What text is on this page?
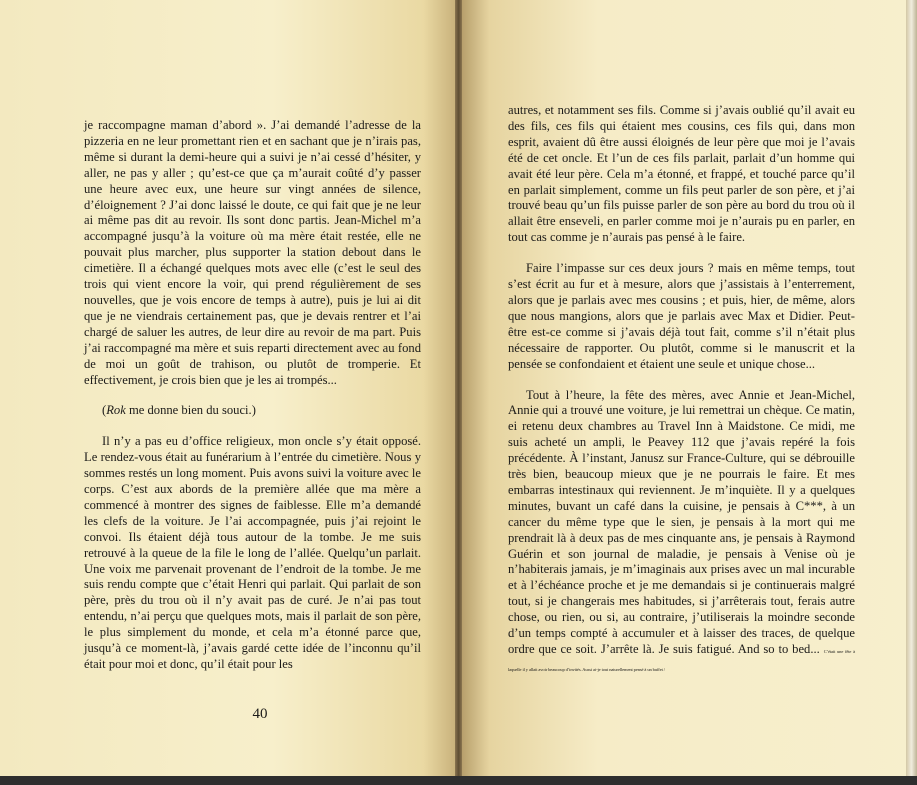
je raccompagne maman d’abord ». J’ai demandé l’adresse de la pizzeria en ne leur promettant rien et en sachant que je n’irais pas, même si durant la demi-heure qui a suivi je n’ai cessé d’hésiter, y aller, ne pas y aller ; qu’est-ce que ça m’aurait coûté d’y passer une heure avec eux, une heure sur vingt années de silence, d’éloignement ? J’ai donc laissé le doute, ce qui fait que je ne leur ai même pas dit au revoir. Ils sont donc partis. Jean-Michel m’a accompagné jusqu’à la voiture où ma mère était restée, elle ne pouvait plus marcher, plus supporter la station debout dans le cimetière. Il a échangé quelques mots avec elle (c’est le seul des trois qui vient encore la voir, qui prend régulièrement de ses nouvelles, que je vois encore de temps à autre), puis je lui ai dit que je ne viendrais certainement pas, que je devais rentrer et l’ai chargé de saluer les autres, de leur dire au revoir de ma part. Puis j’ai raccompagné ma mère et suis reparti directement avec au fond de moi un goût de trahison, ou plutôt de tromperie. Et effectivement, je crois bien que je les ai trompés...

(Rok me donne bien du souci.)

Il n’y a pas eu d’office religieux, mon oncle s’y était opposé. Le rendez-vous était au funérarium à l’entrée du cimetière. Nous y sommes restés un long moment. Puis avons suivi la voiture avec le corps. C’est aux abords de la première allée que ma mère a commencé à montrer des signes de faiblesse. Elle m’a demandé les clefs de la voiture. Je l’ai accompagnée, puis j’ai rejoint le convoi. Ils étaient déjà tous autour de la tombe. Je me suis retrouvé à la queue de la file le long de l’allée. Quelqu’un parlait. Une voix me parvenait provenant de l’endroit de la tombe. Je me suis rendu compte que c’était Henri qui parlait. Qui parlait de son père, près du trou où il n’y avait pas de curé. Je n’ai pas tout entendu, n’ai perçu que quelques mots, mais il parlait de son père, le plus simplement du monde, et cela m’a étonné parce que, jusqu’à ce moment-là, j’avais gardé cette idée de l’inconnu qu’il était pour moi et donc, qu’il était pour les

40

autres, et notamment ses fils. Comme si j’avais oublié qu’il avait eu des fils, ces fils qui étaient mes cousins, ces fils qui, dans mon esprit, avaient dû être aussi éloignés de leur père que moi je l’avais été de cet oncle. Et l’un de ces fils parlait, parlait d’un homme qui avait été leur père. Cela m’a étonné, et frappé, et touché parce qu’il en parlait simplement, comme un fils peut parler de son père, et j’ai trouvé beau qu’un fils puisse parler de son père au bord du trou où il allait être enseveli, en parler comme moi je n’aurais pu en parler, en tout cas comme je n’aurais pas pensé à le faire.

Faire l’impasse sur ces deux jours ? mais en même temps, tout s’est écrit au fur et à mesure, alors que j’assistais à l’enterrement, alors que je parlais avec mes cousins ; et puis, hier, de même, alors que nous mangions, alors que je parlais avec Max et Didier. Peut-être est-ce comme si j’avais déjà tout fait, comme s’il n’était plus nécessaire de rapporter. Ou plutôt, comme si le manuscrit et la pensée se confondaient et étaient une seule et unique chose...

Tout à l’heure, la fête des mères, avec Annie et Jean-Michel, Annie qui a trouvé une voiture, je lui remettrai un chèque. Ce matin, ei retenu deux chambres au Travel Inn à Maidstone. Ce midi, me suis acheté un ampli, le Peavey 112 que j’avais repéré la fois précédente. À l’instant, Janusz sur France-Culture, qui se débrouille très bien, beaucoup mieux que je ne pourrais le faire. Et mes embarras intestinaux qui reviennent. Je m’inquiète. Il y a quelques minutes, buvant un café dans la cuisine, je pensais à C***, à un cancer du même type que le sien, je pensais à la mort qui me prendrait là à deux pas de mes cinquante ans, je pensais à Raymond Guérin et son journal de maladie, je pensais à Venise où je n’habiterais jamais, je m’imaginais aux prises avec un mal incurable et à l’échéance proche et je me demandais si je continuerais malgré tout, si je changerais mes habitudes, si j’arrêterais tout, ferais autre chose, ou rien, ou si, au contraire, j’utiliserais la moindre seconde d’un temps compté à accumuler et à laisser des traces, de quelque ordre que ce soit. J’arrête là. Je suis fatigué. And so to bed... C’était une fête à laquelle il y allait avoir beaucoup d’invités. Aussi ai-je tout naturellement pensé à un buffet /
